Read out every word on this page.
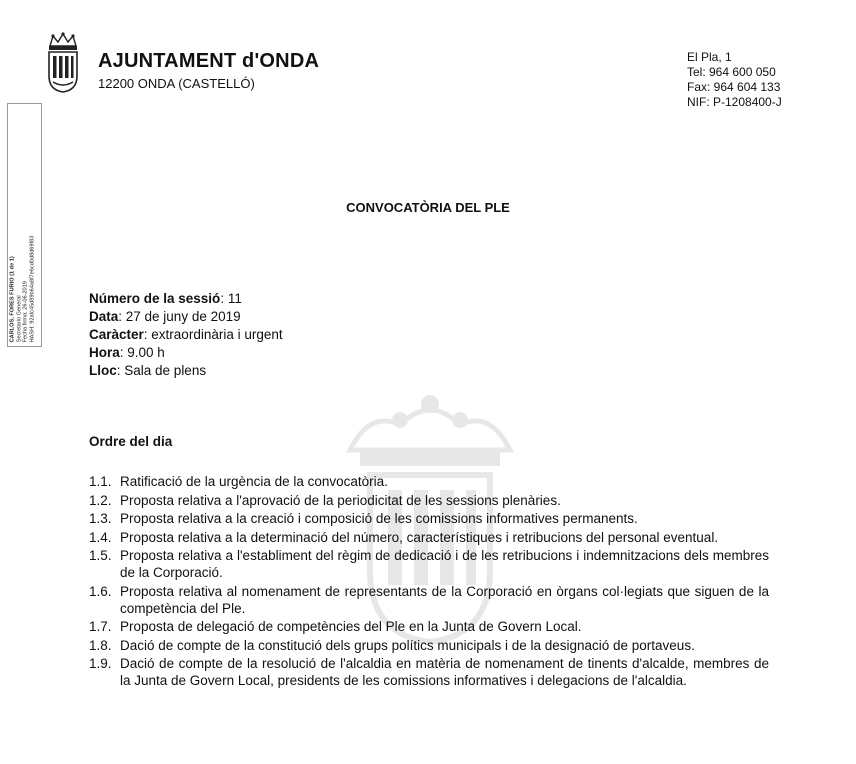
AJUNTAMENT d'ONDA
12200 ONDA (CASTELLÓ)
El Pla, 1
Tel: 964 600 050
Fax: 964 604 133
NIF: P-1208400-J
CARLOS, FORES FURIO (1 de 1) Secretario General Fecha firma: 26-06-2019 HASH: 92afc45d89b64a8f7e6cd0d8d69f83
CONVOCATÒRIA DEL PLE
Número de la sessió: 11
Data: 27 de juny de 2019
Caràcter: extraordinària i urgent
Hora: 9.00 h
Lloc: Sala de plens
Ordre del dia
1.1. Ratificació de la urgència de la convocatòria.
1.2. Proposta relativa a l'aprovació de la periodicitat de les sessions plenàries.
1.3. Proposta relativa a la creació i composició de les comissions informatives permanents.
1.4. Proposta relativa a la determinació del número, característiques i retribucions del personal eventual.
1.5. Proposta relativa a l'establiment del règim de dedicació i de les retribucions i indemnitzacions dels membres de la Corporació.
1.6. Proposta relativa al nomenament de representants de la Corporació en òrgans col·legiats que siguen de la competència del Ple.
1.7. Proposta de delegació de competències del Ple en la Junta de Govern Local.
1.8. Dació de compte de la constitució dels grups polítics municipals i de la designació de portaveus.
1.9. Dació de compte de la resolució de l'alcaldia en matèria de nomenament de tinents d'alcalde, membres de la Junta de Govern Local, presidents de les comissions informatives i delegacions de l'alcaldia.
